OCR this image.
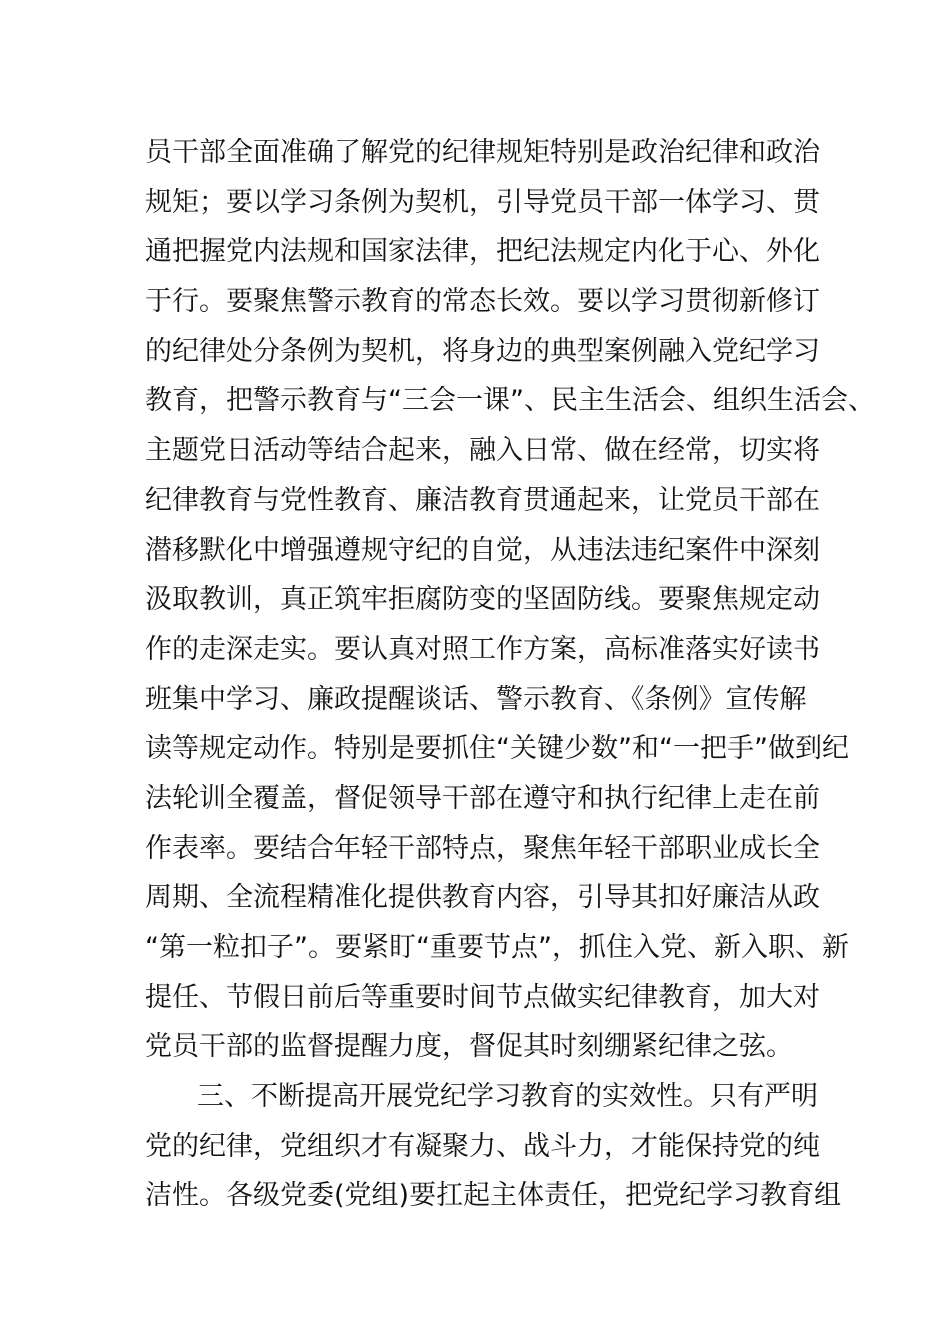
员干部全面准确了解党的纪律规矩特别是政治纪律和政治
规矩；要以学习条例为契机，引导党员干部一体学习、贯
通把握党内法规和国家法律，把纪法规定内化于心、外化
于行。要聚焦警示教育的常态长效。要以学习贯彻新修订
的纪律处分条例为契机，将身边的典型案例融入党纪学习
教育，把警示教育与“三会一课”、民主生活会、组织生活会、
主题党日活动等结合起来，融入日常、做在经常，切实将
纪律教育与党性教育、廉洁教育贯通起来，让党员干部在
潜移默化中增强遵规守纪的自觉，从违法违纪案件中深刻
汲取教训，真正筑牢拒腐防变的坚固防线。要聚焦规定动
作的走深走实。要认真对照工作方案，高标准落实好读书
班集中学习、廉政提醒谈话、警示教育、《条例》宣传解
读等规定动作。特别是要抓住“关键少数”和“一把手”做到纪
法轮训全覆盖，督促领导干部在遵守和执行纪律上走在前
作表率。要结合年轻干部特点，聚焦年轻干部职业成长全
周期、全流程精准化提供教育内容，引导其扣好廉洁从政
“第一粒扣子”。要紧盯“重要节点”，抓住入党、新入职、新
提任、节假日前后等重要时间节点做实纪律教育，加大对
党员干部的监督提醒力度，督促其时刻绷紧纪律之弦。
三、不断提高开展党纪学习教育的实效性。只有严明
党的纪律，党组织才有凝聚力、战斗力，才能保持党的纯
洁性。各级党委(党组)要扛起主体责任，把党纪学习教育组
